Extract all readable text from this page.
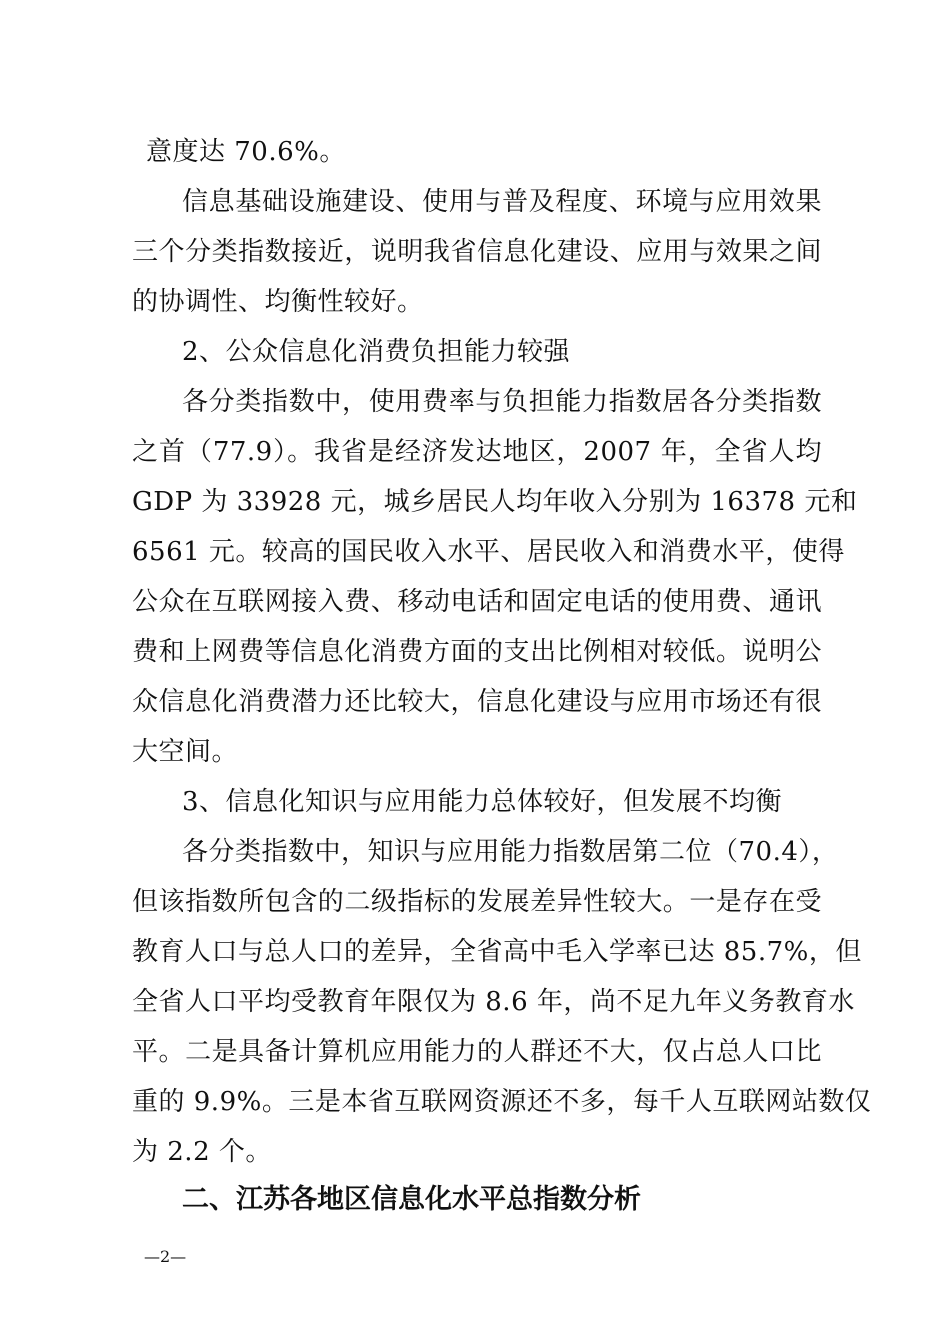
意度达 70.6%。
信息基础设施建设、使用与普及程度、环境与应用效果
三个分类指数接近，说明我省信息化建设、应用与效果之间
的协调性、均衡性较好。
2、公众信息化消费负担能力较强
各分类指数中，使用费率与负担能力指数居各分类指数
之首（77.9）。我省是经济发达地区，2007 年，全省人均
GDP 为 33928 元，城乡居民人均年收入分别为 16378 元和
6561 元。较高的国民收入水平、居民收入和消费水平，使得
公众在互联网接入费、移动电话和固定电话的使用费、通讯
费和上网费等信息化消费方面的支出比例相对较低。说明公
众信息化消费潜力还比较大，信息化建设与应用市场还有很
大空间。
3、信息化知识与应用能力总体较好，但发展不均衡
各分类指数中，知识与应用能力指数居第二位（70.4），
但该指数所包含的二级指标的发展差异性较大。一是存在受
教育人口与总人口的差异，全省高中毛入学率已达 85.7%，但
全省人口平均受教育年限仅为 8.6 年，尚不足九年义务教育水
平。二是具备计算机应用能力的人群还不大，仅占总人口比
重的 9.9%。三是本省互联网资源还不多，每千人互联网站数仅
为 2.2 个。
二、江苏各地区信息化水平总指数分析
—2—
